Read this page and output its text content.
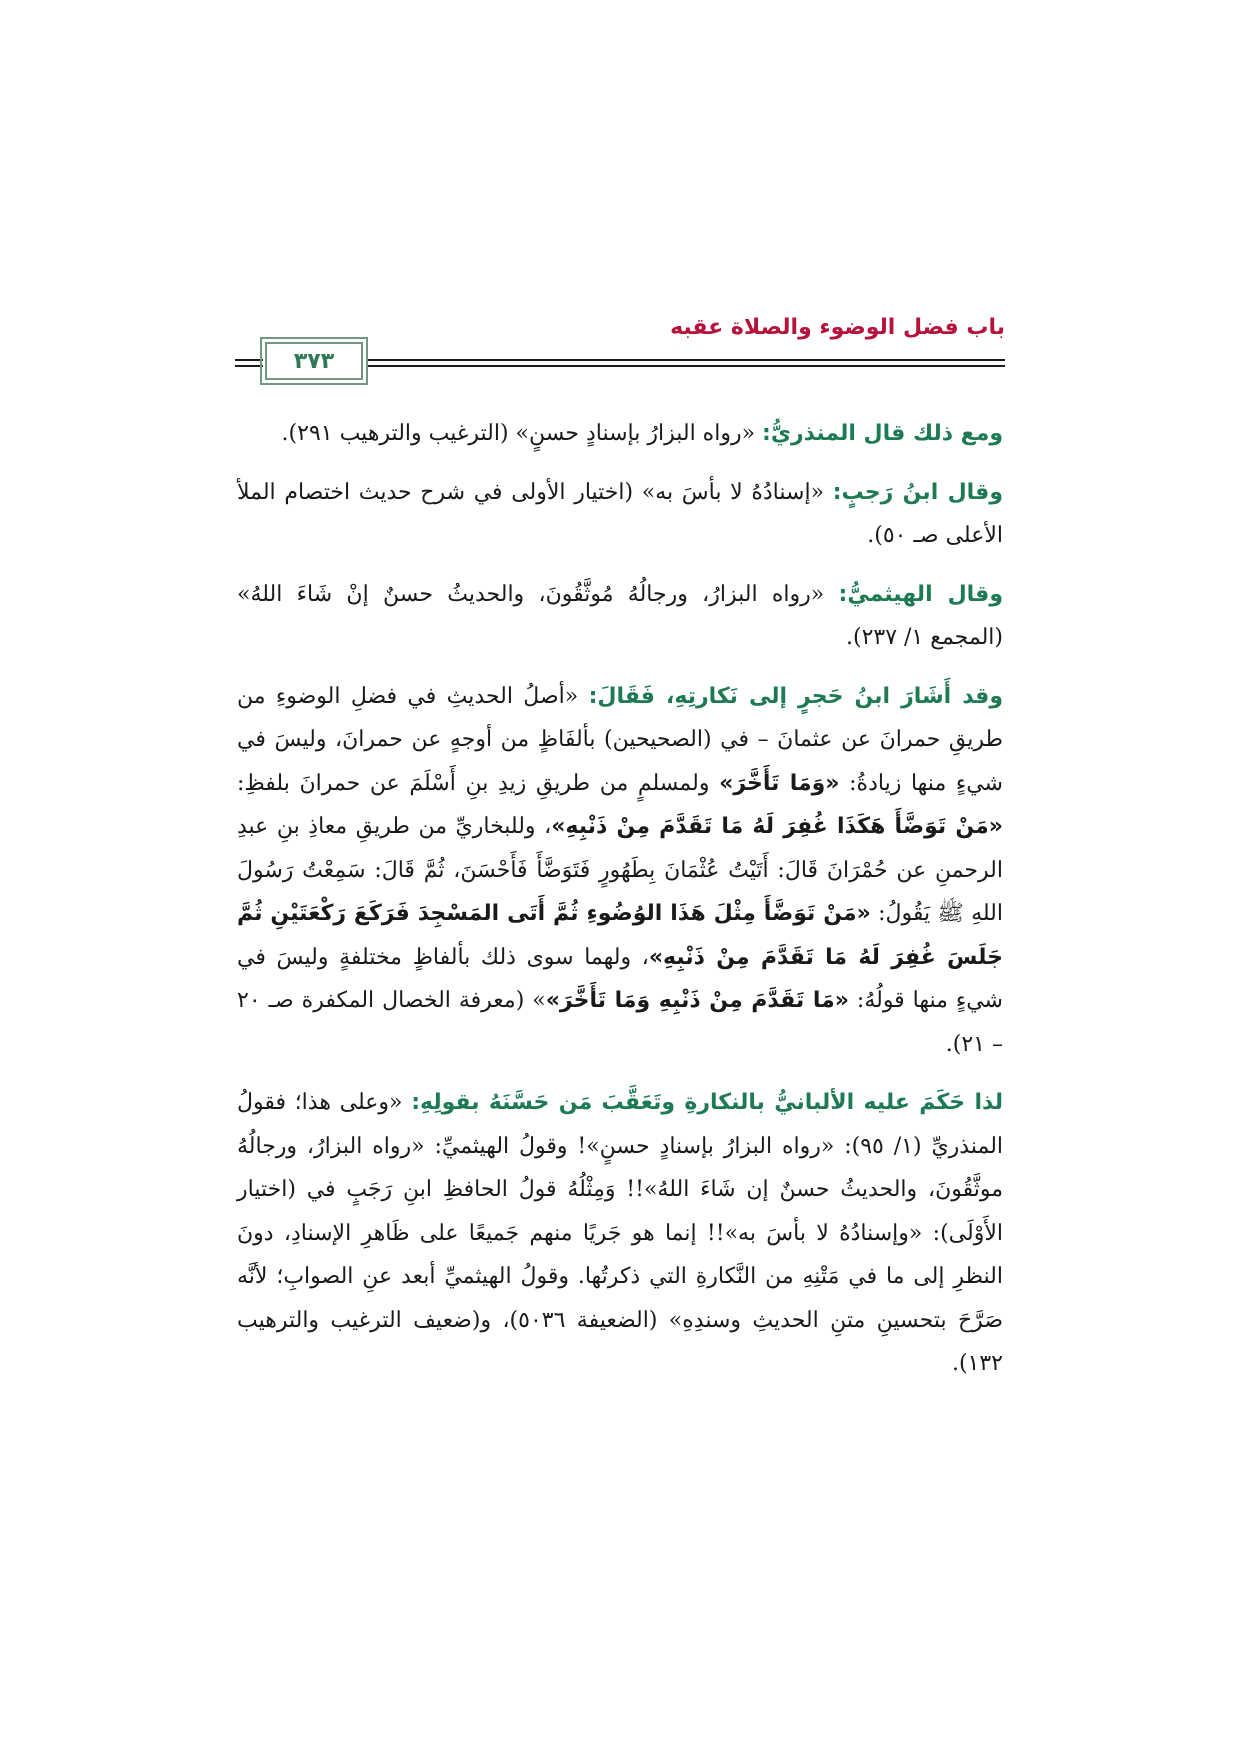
باب فضل الوضوء والصلاة عقبه
٣٧٣

ومع ذلك قال المنذريُّ: «رواه البزارُ بإسنادٍ حسنٍ» (الترغيب والترهيب ٢٩١).

وقال ابنُ رَجبٍ: «إسنادُهُ لا بأسَ به» (اختيار الأولى في شرح حديث اختصام الملأ الأعلى صـ ٥٠).

وقال الهيثميُّ: «رواه البزارُ، ورجالُهُ مُوثَّقُونَ، والحديثُ حسنٌ إنْ شَاءَ اللهُ» (المجمع ١/ ٢٣٧).

وقد أَشَارَ ابنُ حَجرٍ إلى نَكارتِهِ، فَقَالَ: «أصلُ الحديثِ في فضلِ الوضوءِ من طريقِ حمرانَ عن عثمانَ – في (الصحيحين) بألفَاظٍ من أوجهٍ عن حمرانَ، وليسَ في شيءٍ منها زيادةُ: «وَمَا تَأَخَّرَ» ولمسلمٍ من طريقِ زيدِ بنِ أَسْلَمَ عن حمرانَ بلفظِ: «مَنْ تَوَضَّأَ هَكَذَا غُفِرَ لَهُ مَا تَقَدَّمَ مِنْ ذَنْبِهِ»، وللبخاريِّ من طريقِ معاذِ بنِ عبدِ الرحمنِ عن حُمْرَانَ قَالَ: أَتَيْتُ عُثْمَانَ بِطَهُورٍ فَتَوَضَّأَ فَأَحْسَنَ، ثُمَّ قَالَ: سَمِعْتُ رَسُولَ اللهِ ﷺ يَقُولُ: «مَنْ تَوَضَّأَ مِثْلَ هَذَا الوُضُوءِ ثُمَّ أَتَى المَسْجِدَ فَرَكَعَ رَكْعَتَيْنِ ثُمَّ جَلَسَ غُفِرَ لَهُ مَا تَقَدَّمَ مِنْ ذَنْبِهِ»، ولهما سوى ذلك بألفاظٍ مختلفةٍ وليسَ في شيءٍ منها قولُهُ: «مَا تَقَدَّمَ مِنْ ذَنْبِهِ وَمَا تَأَخَّرَ»» (معرفة الخصال المكفرة صـ ٢٠ – ٢١).

لذا حَكَمَ عليه الألبانيُّ بالنكارةِ وتَعَقَّبَ مَن حَسَّنَهُ بقولِهِ: «وعلى هذا؛ فقولُ المنذريِّ (١/ ٩٥): «رواه البزارُ بإسنادٍ حسنٍ»! وقولُ الهيثميِّ: «رواه البزارُ، ورجالُهُ موثَّقُونَ، والحديثُ حسنٌ إن شَاءَ اللهُ»!! وَمِثْلُهُ قولُ الحافظِ ابنِ رَجَبٍ في (اختيار الأَوْلَى): «وإسنادُهُ لا بأسَ به»!! إنما هو جَريًا منهم جَميعًا على ظَاهرِ الإسنادِ، دونَ النظرِ إلى ما في مَتْنِهِ من النَّكارةِ التي ذكرتُها. وقولُ الهيثميِّ أبعد عنِ الصوابِ؛ لأنَّه صَرَّحَ بتحسينِ متنِ الحديثِ وسندِهِ» (الضعيفة ٥٠٣٦)، و(ضعيف الترغيب والترهيب ١٣٢).
